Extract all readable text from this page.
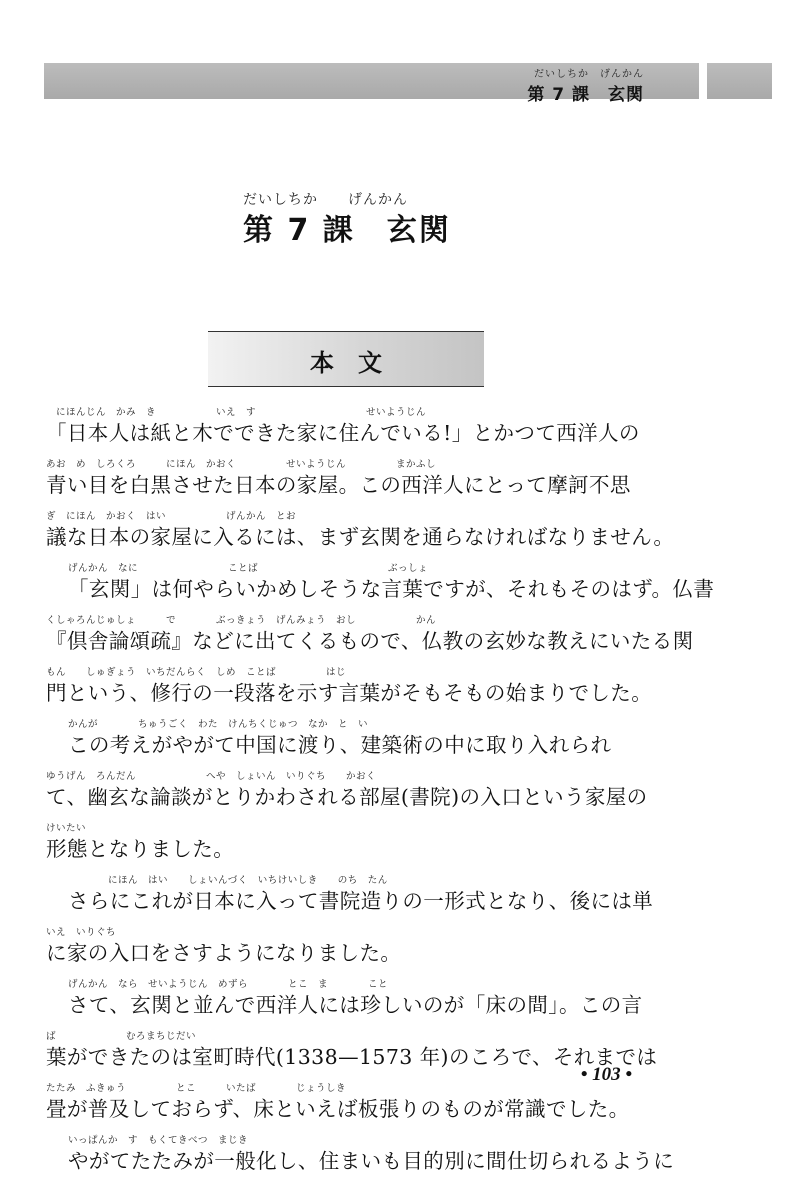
だいしちか　げんかん
第 7 課　玄関
だいしちか　　げんかん
第 7 課　玄関
本文
　にほんじん　かみ　き　　　　　　いえ　す　　　　　　　　　　　せいようじん
「日本人は紙と木でできた家に住んでいる!」とかつて西洋人の
あお　め　しろくろ　　　にほん　かおく　　　　　せいようじん　　　　　まかふし
青い目を白黒させた日本の家屋。この西洋人にとって摩訶不思
ぎ　にほん　かおく　はい　　　　　　げんかん　とお
議な日本の家屋に入るには、まず玄関を通らなければなりません。
げんかん　なに　　　　　　　　　ことば　　　　　　　　　　　　　ぶっしょ
「玄関」は何やらいかめしそうな言葉ですが、それもそのはず。仏書
くしゃろんじゅしょ　　　で　　　　ぶっきょう　げんみょう　おし　　　　　　かん
『倶舎論頌疏』などに出てくるもので、仏教の玄妙な教えにいたる関
もん　　しゅぎょう　いちだんらく　しめ　ことば　　　　　はじ
門という、修行の一段落を示す言葉がそもそもの始まりでした。
かんが　　　　ちゅうごく　わた　けんちくじゅつ　なか　と　い
この考えがやがて中国に渡り、建築術の中に取り入れられ
ゆうげん　ろんだん　　　　　　　へや　しょいん　いりぐち　　かおく
て、幽玄な論談がとりかわされる部屋(書院)の入口という家屋の
けいたい
形態となりました。
　　　　にほん　はい　　しょいんづく　いちけいしき　　のち　たん
さらにこれが日本に入って書院造りの一形式となり、後には単
いえ　いりぐち
に家の入口をさすようになりました。
げんかん　なら　せいようじん　めずら　　　　とこ　ま　　　　こと
さて、玄関と並んで西洋人には珍しいのが「床の間」。この言
ば　　　　　　　むろまちじだい
葉ができたのは室町時代(1338—1573 年)のころで、それまでは
たたみ　ふきゅう　　　　　とこ　　　いたば　　　　じょうしき
畳が普及しておらず、床といえば板張りのものが常識でした。
いっぱんか　す　もくてきべつ　まじき
やがてたたみが一般化し、住まいも目的別に間仕切られるように
• 103 •
